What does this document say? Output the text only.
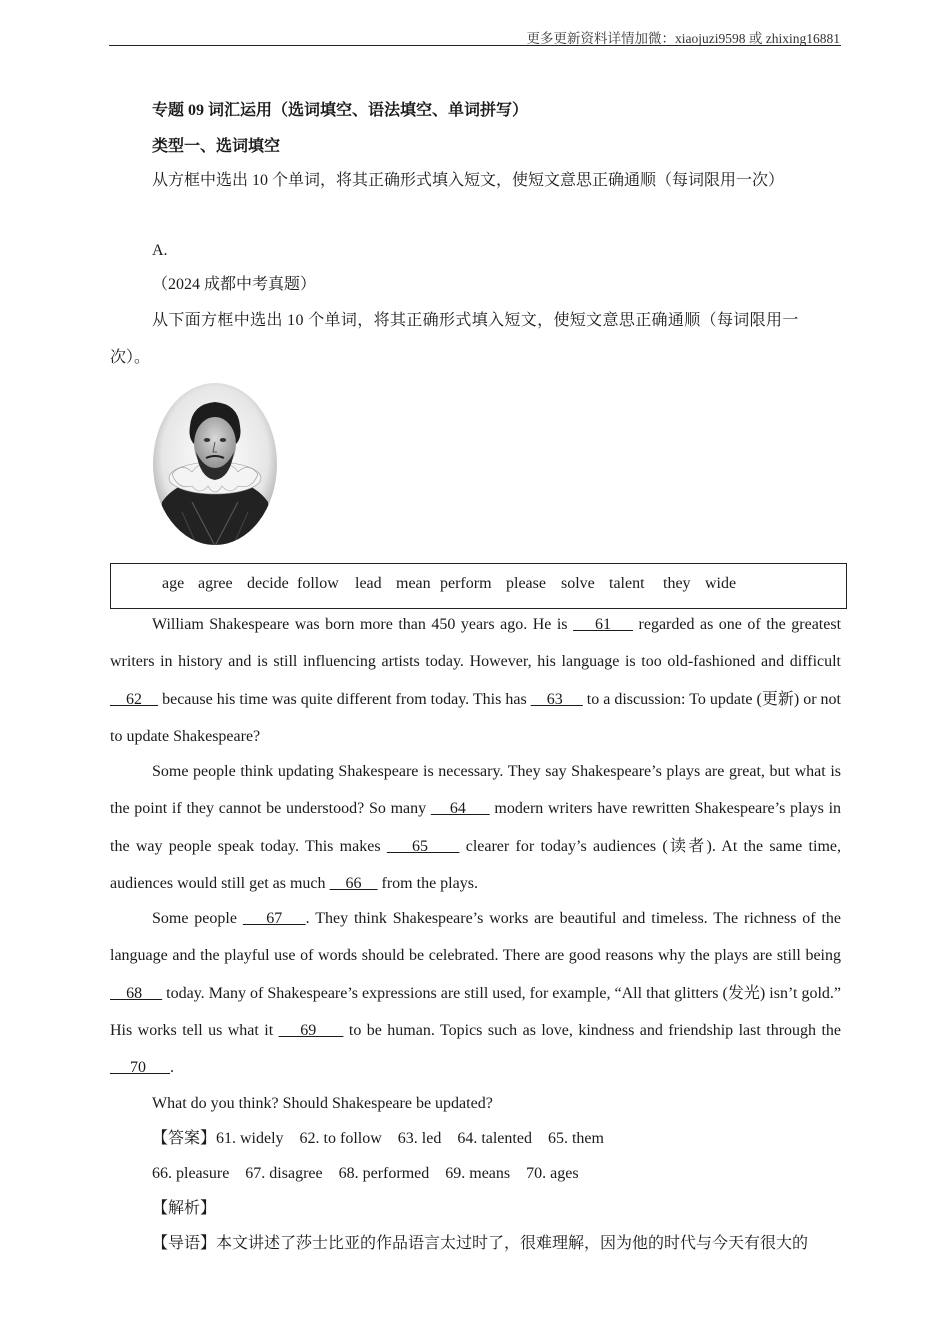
更多更新资料详情加微：xiaojuzi9598 或 zhixing16881
专题 09 词汇运用（选词填空、语法填空、单词拼写）
类型一、选词填空
从方框中选出 10 个单词，将其正确形式填入短文，使短文意思正确通顺（每词限用一次）
A.
（2024 成都中考真题）
从下面方框中选出 10 个单词，将其正确形式填入短文，使短文意思正确通顺（每词限用一
次）。
age agree decide follow lead mean perform please solve talent they wide
William Shakespeare was born more than 450 years ago. He is     61     regarded as one of the greatest writers in history and is still influencing artists today. However, his language is too old-fashioned and difficult     62     because his time was quite different from today. This has     63      to a discussion: To update (更新) or not to update Shakespeare?
Some people think updating Shakespeare is necessary. They say Shakespeare’s plays are great, but what is the point if they cannot be understood? So many     64      modern writers have rewritten Shakespeare’s plays in the way people speak today. This makes     65      clearer for today’s audiences (读者). At the same time, audiences would still get as much     66     from the plays.
Some people     67    . They think Shakespeare’s works are beautiful and timeless. The richness of the language and the playful use of words should be celebrated. There are good reasons why the plays are still being     68      today. Many of Shakespeare’s expressions are still used, for example, “All that glitters (发光) isn’t gold.” His works tell us what it     69      to be human. Topics such as love, kindness and friendship last through the      70      .
What do you think? Should Shakespeare be updated?
【答案】61. widely    62. to follow    63. led    64. talented    65. them
66. pleasure    67. disagree    68. performed    69. means    70. ages
【解析】
【导语】本文讲述了莎士比亚的作品语言太过时了，很难理解，因为他的时代与今天有很大的
